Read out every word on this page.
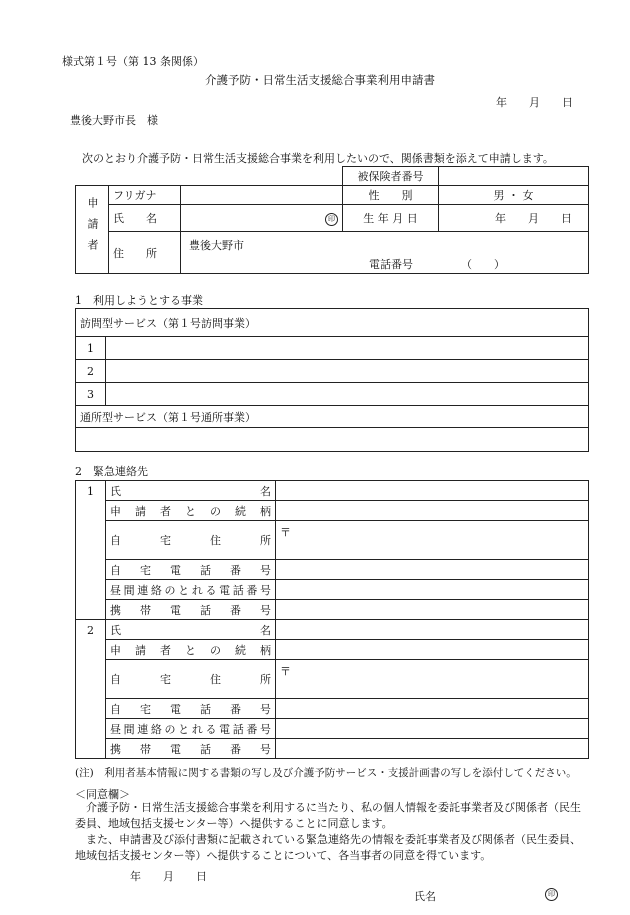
様式第１号（第 13 条関係）
介護予防・日常生活支援総合事業利用申請書
年　　月　　日
豊後大野市長　様
次のとおり介護予防・日常生活支援総合事業を利用したいので、関係書類を添えて申請します。
			被保険者番号	
申請者	フリガナ		性　　別	男 ・ 女
	氏　　名	印	生 年 月 日	年　　月　　日
	住　　所	豊後大野市
電話番号 （　　）		
1　利用しようとする事業
訪問型サービス（第１号訪問事業）	
1	
2	
3	
通所型サービス（第１号通所事業）	

2　緊急連絡先
1	氏　　　　　名	
	申請者との続柄	
	自宅住所	〒
	自宅電話番号	
	昼間連絡のとれる電話番号	
	携帯電話番号	
2	氏　　　　　名	
	申請者との続柄	
	自宅住所	〒
	自宅電話番号	
	昼間連絡のとれる電話番号	
	携帯電話番号	
(注)　利用者基本情報に関する書類の写し及び介護予防サービス・支援計画書の写しを添付してください。
＜同意欄＞
介護予防・日常生活支援総合事業を利用するに当たり、私の個人情報を委託事業者及び関係者（民生委員、地域包括支援センター等）へ提供することに同意します。
また、申請書及び添付書類に記載されている緊急連絡先の情報を委託事業者及び関係者（民生委員、地域包括支援センター等）へ提供することについて、各当事者の同意を得ています。
年　　月　　日
氏名	印
